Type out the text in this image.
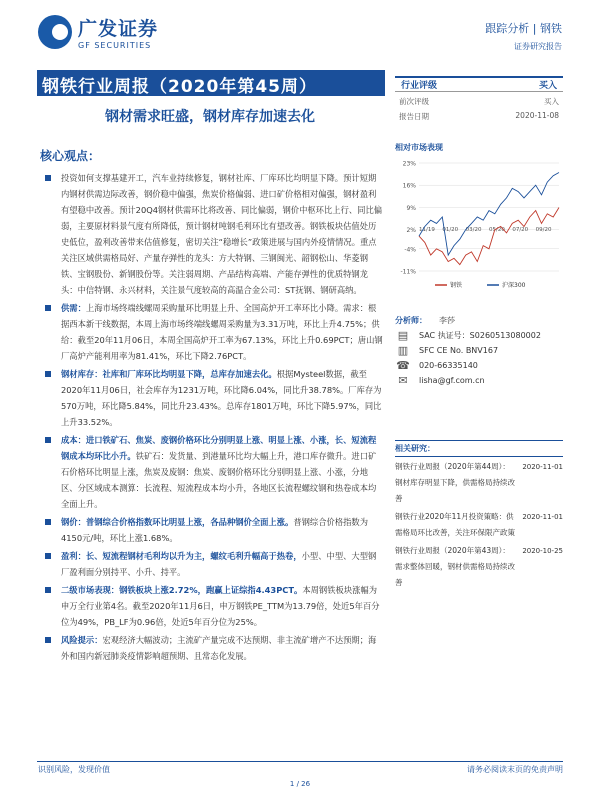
广发证券
GF SECURITIES
跟踪分析 | 钢铁
证券研究报告
钢铁行业周报（2020年第45周）
钢材需求旺盛，钢材库存加速去化
核心观点：
投资如何支撑基建开工，汽车业持续修复，钢材社库、厂库环比均明显下降。预计短期内钢材供需边际改善，钢价稳中偏强，焦炭价格偏弱、进口矿价格相对偏强，钢材盈利有望稳中改善。预计20Q4钢材供需环比将改善、同比偏弱，钢价中枢环比上行、同比偏弱，主要原材料景气度有所降低，预计钢材吨钢毛利环比有望改善。钢铁板块估值处历史低位，盈利改善带来估值修复，密切关注“稳增长”政策进展与国内外疫情情况。重点关注区域供需格局好、产量存弹性的龙头：方大特钢、三钢闽光、韶钢松山、华菱钢铁、宝钢股份、新钢股份等。关注弱周期、产品结构高端、产能存弹性的优质特钢龙头：中信特钢、永兴材料，关注景气度较高的高温合金公司：ST抚钢、钢研高纳。
供需：上海市场终端线螺周采购量环比明显上升、全国高炉开工率环比小降。需求：根据西本新干线数据，本周上海市场终端线螺周采购量为3.31万吨，环比上升4.75%；供给：截至20年11月06日，本周全国高炉开工率为67.13%，环比上升0.69PCT；唐山钢厂高炉产能利用率为81.41%，环比下降2.76PCT。
钢材库存：社库和厂库环比均明显下降，总库存加速去化。根据Mysteel数据，截至2020年11月06日，社会库存为1231万吨，环比降6.04%，同比升38.78%。厂库存为570万吨，环比降5.84%，同比升23.43%。总库存1801万吨，环比下降5.97%，同比上升33.52%。
成本：进口铁矿石、焦炭、废钢价格环比分别明显上涨、明显上涨、小涨，长、短流程钢成本均环比小升。铁矿石：发货量、到港量环比均大幅上升，港口库存微升。进口矿石价格环比明显上涨，焦炭及废钢：焦炭、废钢价格环比分别明显上涨、小涨，分地区、分区域成本测算：长流程、短流程成本均小升，各地区长流程螺纹钢和热卷成本均全面上升。
钢价：普钢综合价格指数环比明显上涨，各品种钢价全面上涨。普钢综合价格指数为4150元/吨，环比上涨1.68%。
盈利：长、短流程钢材毛利均以升为主，螺纹毛利升幅高于热卷，小型、中型、大型钢厂盈利面分别持平、小升、持平。
二级市场表现：钢铁板块上涨2.72%，跑赢上证综指4.43PCT。本周钢铁板块涨幅为申万全行业第4名。截至2020年11月6日，申万钢铁PE_TTM为13.79倍，处近5年百分位为49%，PB_LF为0.96倍，处近5年百分位为25%。
风险提示：宏观经济大幅波动；主流矿产量完成不达预期、非主流矿增产不达预期；海外和国内新冠肺炎疫情影响超预期、且常态化发展。
行业评级	买入
前次评级	买入
报告日期	2020-11-08
相对市场表现
23%
16%
9%
2%
-4%
-11%
11/19 01/20 03/20 05/20 07/20 09/20
钢铁	沪深300
分析师：	李莎
▤	SAC 执证号：S0260513080002
▥	SFC CE No. BNV167
☎ 020-66335140
✉	lisha@gf.com.cn
相关研究：
钢铁行业周报（2020年第44周）：钢材库存明显下降，供需格局持续改善
2020-11-01
钢铁行业2020年11月投资策略：供需格局环比改善，关注环保限产政策
2020-11-01
钢铁行业周报（2020年第43周）：需求整体回暖，钢材供需格局持续改善
2020-10-25
识别风险，发现价值	请务必阅读末页的免责声明
1 / 26
